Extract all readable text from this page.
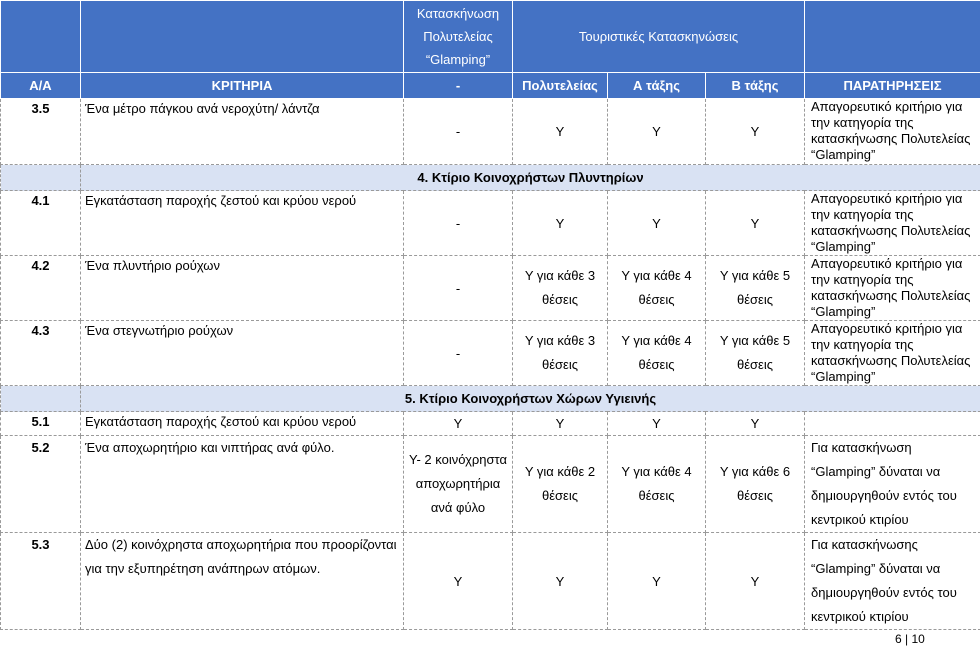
		Κατασκήνωση Πολυτελείας “Glamping”	Τουριστικές Κατασκηνώσεις			
Α/Α	ΚΡΙΤΗΡΙΑ	-	Πολυτελείας	Α τάξης	Β τάξης	ΠΑΡΑΤΗΡΗΣΕΙΣ
3.5	Ένα μέτρο πάγκου ανά νεροχύτη/ λάντζα	-	Υ	Υ	Υ	Απαγορευτικό κριτήριο για την κατηγορία της κατασκήνωσης Πολυτελείας “Glamping”
	4. Κτίριο Κοινοχρήστων Πλυντηρίων					
4.1	Εγκατάσταση παροχής ζεστού και κρύου νερού	-	Υ	Υ	Υ	Απαγορευτικό κριτήριο για την κατηγορία της κατασκήνωσης Πολυτελείας “Glamping”
4.2	Ένα πλυντήριο ρούχων	-	Υ για κάθε 3 θέσεις	Υ για κάθε 4 θέσεις	Υ για κάθε 5 θέσεις	Απαγορευτικό κριτήριο για την κατηγορία της κατασκήνωσης Πολυτελείας “Glamping”
4.3	Ένα στεγνωτήριο ρούχων	-	Υ για κάθε 3 θέσεις	Υ για κάθε 4 θέσεις	Υ για κάθε 5 θέσεις	Απαγορευτικό κριτήριο για την κατηγορία της κατασκήνωσης Πολυτελείας “Glamping”
	5. Κτίριο Κοινοχρήστων Χώρων Υγιεινής					
5.1	Εγκατάσταση παροχής ζεστού και κρύου νερού	Υ	Υ	Υ	Υ	
5.2	Ένα αποχωρητήριο και νιπτήρας ανά φύλο.	Υ- 2 κοινόχρηστα αποχωρητήρια ανά φύλο	Υ για κάθε 2 θέσεις	Υ για κάθε 4 θέσεις	Υ για κάθε 6 θέσεις	Για κατασκήνωση “Glamping” δύναται να δημιουργηθούν εντός του κεντρικού κτιρίου
5.3	Δύο (2) κοινόχρηστα αποχωρητήρια που προορίζονται για την εξυπηρέτηση ανάπηρων ατόμων.	Υ	Υ	Υ	Υ	Για κατασκήνωσης “Glamping” δύναται να δημιουργηθούν εντός του κεντρικού κτιρίου
6 | 10
